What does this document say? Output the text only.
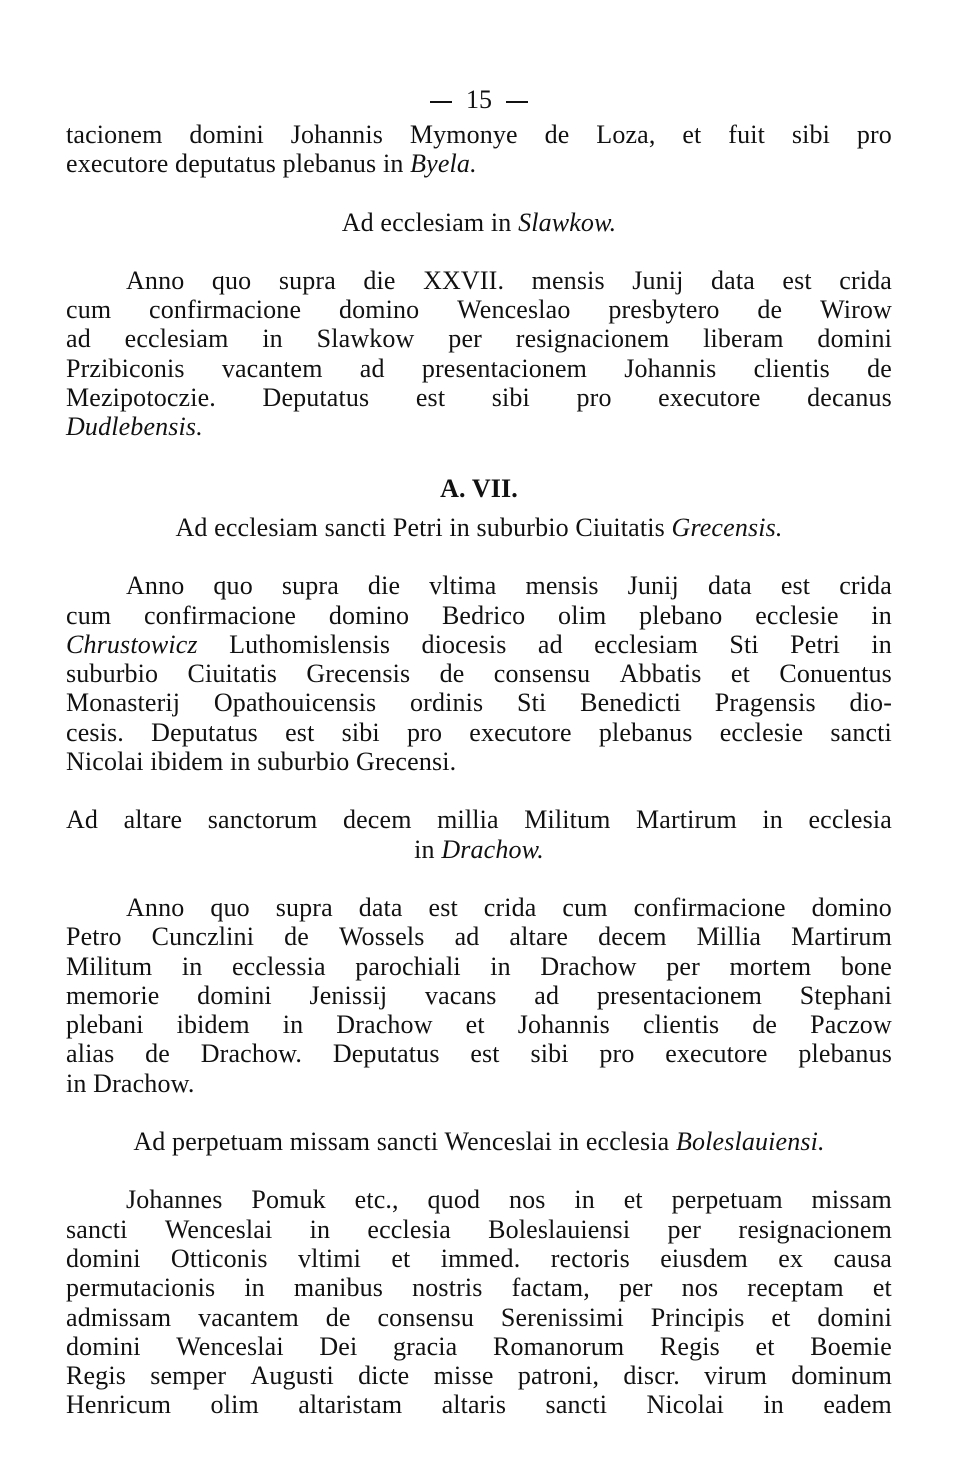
15
tacionem domini Johannis Mymonye de Loza, et fuit sibi pro
executore deputatus plebanus in Byela.
Ad ecclesiam in Slawkow.
Anno quo supra die XXVII. mensis Junij data est crida
cum confirmacione domino Wenceslao presbytero de Wirow
ad ecclesiam in Slawkow per resignacionem liberam domini
Przibiconis vacantem ad presentacionem Johannis clientis de
Mezipotoczie. Deputatus est sibi pro executore decanus
Dudlebensis.
A. VII.
Ad ecclesiam sancti Petri in suburbio Ciuitatis Grecensis.
Anno quo supra die vltima mensis Junij data est crida
cum confirmacione domino Bedrico olim plebano ecclesie in
Chrustowicz Luthomislensis diocesis ad ecclesiam Sti Petri in
suburbio Ciuitatis Grecensis de consensu Abbatis et Conuentus
Monasterij Opathouicensis ordinis Sti Benedicti Pragensis dio-
cesis. Deputatus est sibi pro executore plebanus ecclesie sancti
Nicolai ibidem in suburbio Grecensi.
Ad altare sanctorum decem millia Militum Martirum in ecclesia
in Drachow.
Anno quo supra data est crida cum confirmacione domino
Petro Cunczlini de Wossels ad altare decem Millia Martirum
Militum in ecclessia parochiali in Drachow per mortem bone
memorie domini Jenissij vacans ad presentacionem Stephani
plebani ibidem in Drachow et Johannis clientis de Paczow
alias de Drachow. Deputatus est sibi pro executore plebanus
in Drachow.
Ad perpetuam missam sancti Wenceslai in ecclesia Boleslauiensi.
Johannes Pomuk etc., quod nos in et perpetuam missam
sancti Wenceslai in ecclesia Boleslauiensi per resignacionem
domini Otticonis vltimi et immed. rectoris eiusdem ex causa
permutacionis in manibus nostris factam, per nos receptam et
admissam vacantem de consensu Serenissimi Principis et domini
domini Wenceslai Dei gracia Romanorum Regis et Boemie
Regis semper Augusti dicte misse patroni, discr. virum dominum
Henricum olim altaristam altaris sancti Nicolai in eadem
